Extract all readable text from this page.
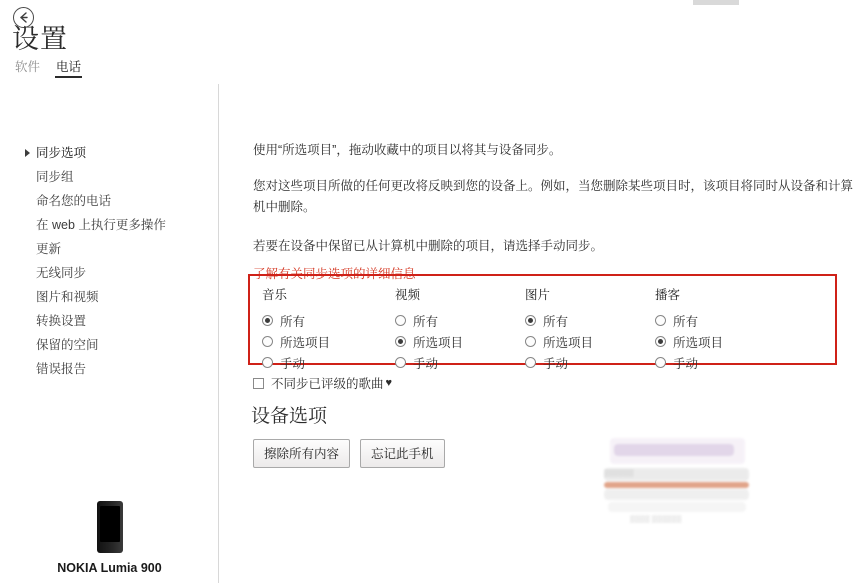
设置
软件 电话
同步选项
同步组
命名您的电话
在 web 上执行更多操作
更新
无线同步
图片和视频
转换设置
保留的空间
错误报告
NOKIA Lumia 900
使用“所选项目”，拖动收藏中的项目以将其与设备同步。
您对这些项目所做的任何更改将反映到您的设备上。例如，当您删除某些项目时，该项目将同时从设备和计算机中删除。
若要在设备中保留已从计算机中删除的项目，请选择手动同步。
了解有关同步选项的详细信息
音乐
所有
所选项目
手动
视频
所有
所选项目
手动
图片
所有
所选项目
手动
播客
所有
所选项目
手动
不同步已评级的歌曲 ♥
设备选项
擦除所有内容	忘记此手机
▒▒▒▒▒▒
▒▒▒▒ ▒▒▒▒▒▒
